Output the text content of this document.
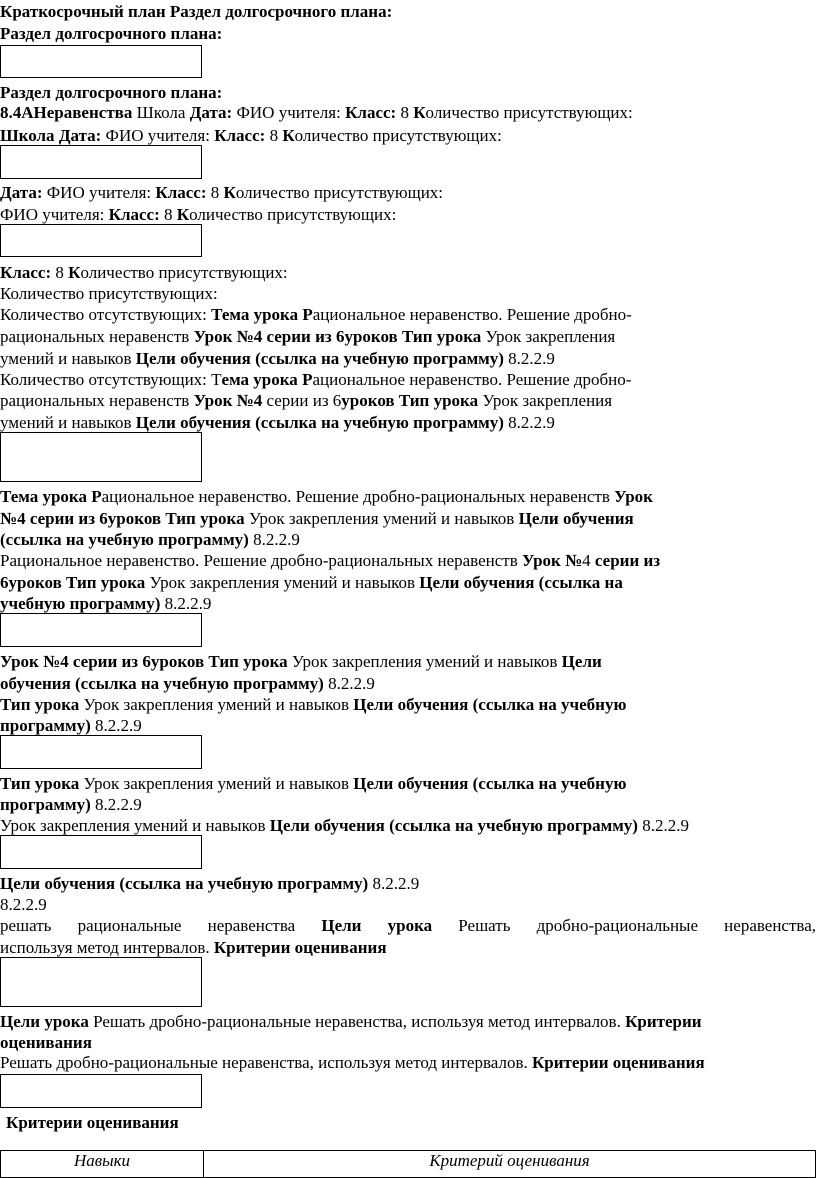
Краткосрочный план Раздел долгосрочного плана:
Раздел долгосрочного плана:
Раздел долгосрочного плана:
8.4АНеравенства Школа Дата: ФИО учителя: Класс: 8 Количество присутствующих:
Школа Дата: ФИО учителя: Класс: 8 Количество присутствующих:
Дата: ФИО учителя: Класс: 8 Количество присутствующих:
ФИО учителя: Класс: 8 Количество присутствующих:
Класс: 8 Количество присутствующих:
Количество присутствующих:
Количество отсутствующих: Тема урока Рациональное неравенство. Решение дробно-
рациональных неравенств Урок №4 серии из 6уроков Тип урока Урок закрепления
умений и навыков Цели обучения (ссылка на учебную программу) 8.2.2.9
Количество отсутствующих: Тема урока Рациональное неравенство. Решение дробно-
рациональных неравенств Урок №4 серии из 6уроков Тип урока Урок закрепления
умений и навыков Цели обучения (ссылка на учебную программу) 8.2.2.9
Тема урока Рациональное неравенство. Решение дробно-рациональных неравенств Урок
№4 серии из 6уроков Тип урока Урок закрепления умений и навыков Цели обучения
(ссылка на учебную программу) 8.2.2.9
Рациональное неравенство. Решение дробно-рациональных неравенств Урок №4 серии из
6уроков Тип урока Урок закрепления умений и навыков Цели обучения (ссылка на
учебную программу) 8.2.2.9
Урок №4 серии из 6уроков Тип урока Урок закрепления умений и навыков Цели
обучения (ссылка на учебную программу) 8.2.2.9
Тип урока Урок закрепления умений и навыков Цели обучения (ссылка на учебную
программу) 8.2.2.9
Тип урока Урок закрепления умений и навыков Цели обучения (ссылка на учебную
программу) 8.2.2.9
Урок закрепления умений и навыков Цели обучения (ссылка на учебную программу) 8.2.2.9
Цели обучения (ссылка на учебную программу) 8.2.2.9
8.2.2.9
решать рациональные неравенства Цели урока Решать дробно-рациональные неравенства,
используя метод интервалов. Критерии оценивания
Цели урока Решать дробно-рациональные неравенства, используя метод интервалов. Критерии
оценивания
Решать дробно-рациональные неравенства, используя метод интервалов. Критерии оценивания
Критерии оценивания
Навыки	Критерий оценивания
